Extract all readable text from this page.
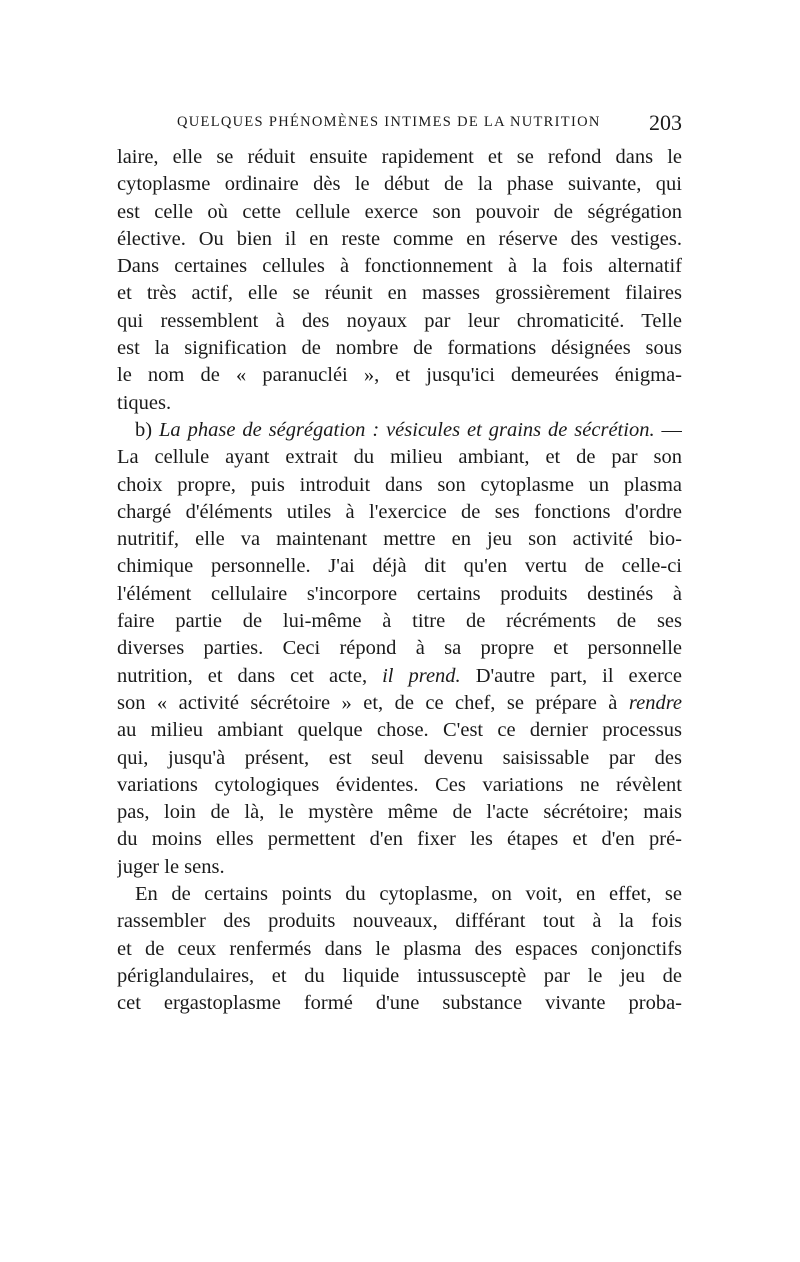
QUELQUES PHÉNOMÈNES INTIMES DE LA NUTRITION 203
laire, elle se réduit ensuite rapidement et se refond dans le
cytoplasme ordinaire dès le début de la phase suivante, qui
est celle où cette cellule exerce son pouvoir de ségrégation
élective. Ou bien il en reste comme en réserve des vestiges.
Dans certaines cellules à fonctionnement à la fois alternatif
et très actif, elle se réunit en masses grossièrement filaires
qui ressemblent à des noyaux par leur chromaticité. Telle
est la signification de nombre de formations désignées sous
le nom de « paranucléi », et jusqu'ici demeurées énigma-
tiques.
b) La phase de ségrégation : vésicules et grains de sécrétion. —
La cellule ayant extrait du milieu ambiant, et de par son
choix propre, puis introduit dans son cytoplasme un plasma
chargé d'éléments utiles à l'exercice de ses fonctions d'ordre
nutritif, elle va maintenant mettre en jeu son activité bio-
chimique personnelle. J'ai déjà dit qu'en vertu de celle-ci
l'élément cellulaire s'incorpore certains produits destinés à
faire partie de lui-même à titre de récréments de ses
diverses parties. Ceci répond à sa propre et personnelle
nutrition, et dans cet acte, il prend. D'autre part, il exerce
son « activité sécrétoire » et, de ce chef, se prépare à rendre
au milieu ambiant quelque chose. C'est ce dernier processus
qui, jusqu'à présent, est seul devenu saisissable par des
variations cytologiques évidentes. Ces variations ne révèlent
pas, loin de là, le mystère même de l'acte sécrétoire; mais
du moins elles permettent d'en fixer les étapes et d'en pré-
juger le sens.
En de certains points du cytoplasme, on voit, en effet, se
rassembler des produits nouveaux, différant tout à la fois
et de ceux renfermés dans le plasma des espaces conjonctifs
périglandulaires, et du liquide intussusceptè par le jeu de
cet ergastoplasme formé d'une substance vivante proba-
